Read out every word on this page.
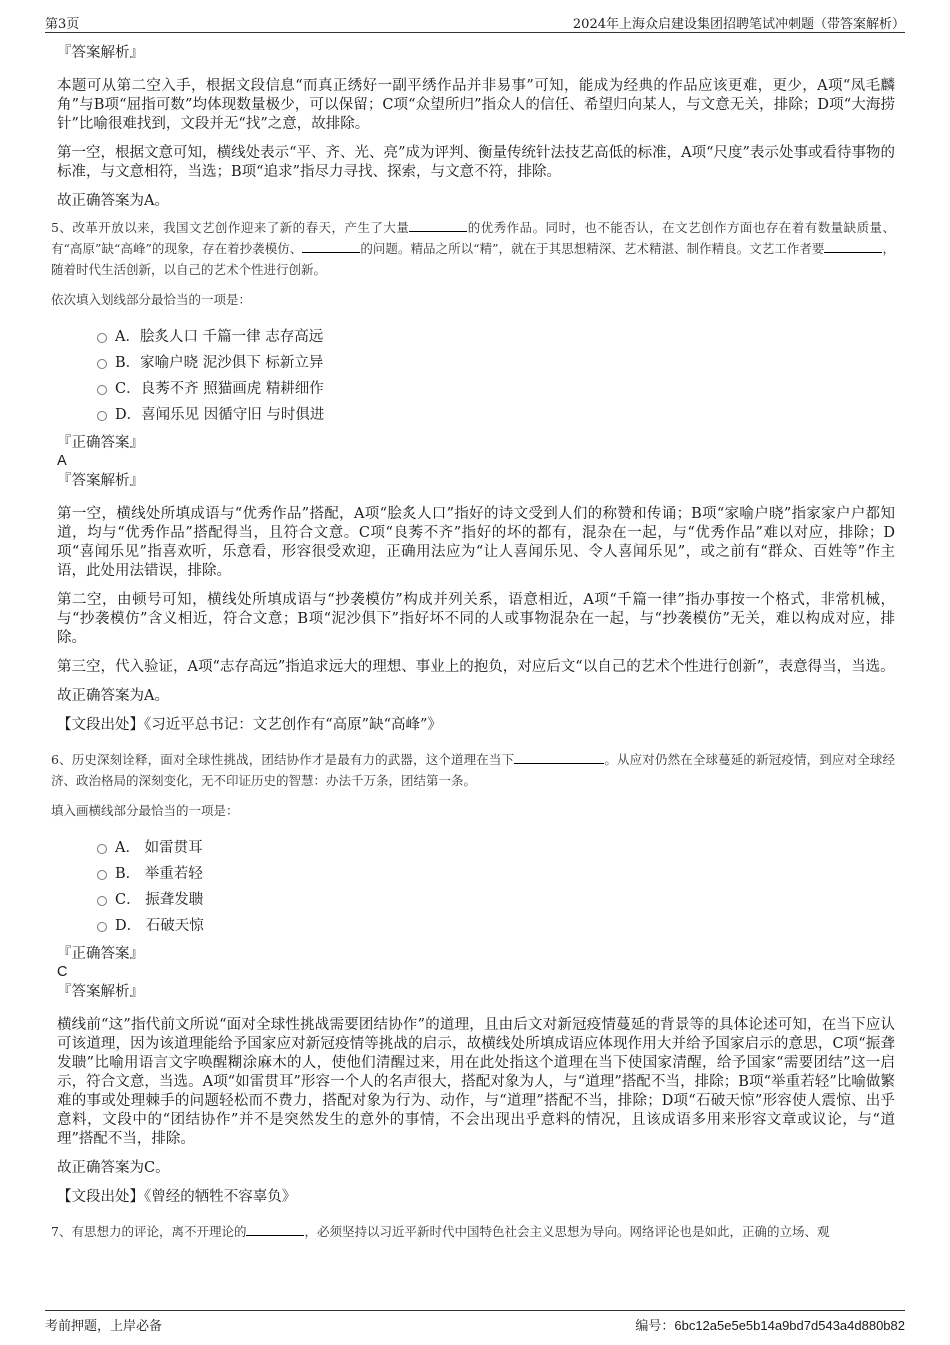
第3页	2024年上海众启建设集团招聘笔试冲刺题（带答案解析）
『答案解析』

本题可从第二空入手，根据文段信息“而真正绣好一副平绣作品并非易事”可知，能成为经典的作品应该更难，更少，A项“凤毛麟角”与B项“屈指可数”均体现数量极少，可以保留；C项“众望所归”指众人的信任、希望归向某人，与文意无关，排除；D项“大海捞针”比喻很难找到，文段并无“找”之意，故排除。

第一空，根据文意可知，横线处表示“平、齐、光、亮”成为评判、衡量传统针法技艺高低的标准，A项“尺度”表示处事或看待事物的标准，与文意相符，当选；B项“追求”指尽力寻找、探索，与文意不符，排除。

故正确答案为A。

5、改革开放以来，我国文艺创作迎来了新的春天，产生了大量	的优秀作品。同时，也不能否认，在文艺创作方面也存在着有数量缺质量、有“高原”缺“高峰”的现象，存在着抄袭模仿、	的问题。精品之所以“精”，就在于其思想精深、艺术精湛、制作精良。文艺工作者要	，随着时代生活创新，以自己的艺术个性进行创新。

依次填入划线部分最恰当的一项是：

A．脍炙人口 千篇一律 志存高远
B．家喻户晓 泥沙俱下 标新立异
C．良莠不齐 照猫画虎 精耕细作
D．喜闻乐见 因循守旧 与时俱进
『正确答案』
A
『答案解析』

第一空，横线处所填成语与“优秀作品”搭配，A项“脍炙人口”指好的诗文受到人们的称赞和传诵；B项“家喻户晓”指家家户户都知道，均与“优秀作品”搭配得当，且符合文意。C项“良莠不齐”指好的坏的都有，混杂在一起，与“优秀作品”难以对应，排除；D项“喜闻乐见”指喜欢听，乐意看，形容很受欢迎，正确用法应为“让人喜闻乐见、令人喜闻乐见”，或之前有“群众、百姓等”作主语，此处用法错误，排除。

第二空，由顿号可知，横线处所填成语与“抄袭模仿”构成并列关系，语意相近，A项“千篇一律”指办事按一个格式，非常机械，与“抄袭模仿”含义相近，符合文意；B项“泥沙俱下”指好坏不同的人或事物混杂在一起，与“抄袭模仿”无关，难以构成对应，排除。

第三空，代入验证，A项“志存高远”指追求远大的理想、事业上的抱负，对应后文“以自己的艺术个性进行创新”，表意得当，当选。

故正确答案为A。

【文段出处】《习近平总书记：文艺创作有“高原”缺“高峰”》

6、历史深刻诠释，面对全球性挑战，团结协作才是最有力的武器，这个道理在当下	。从应对仍然在全球蔓延的新冠疫情，到应对全球经济、政治格局的深刻变化，无不印证历史的智慧：办法千万条，团结第一条。

填入画横线部分最恰当的一项是：

A． 如雷贯耳
B． 举重若轻
C． 振聋发聩
D． 石破天惊
『正确答案』
C
『答案解析』

横线前“这”指代前文所说“面对全球性挑战需要团结协作”的道理，且由后文对新冠疫情蔓延的背景等的具体论述可知，在当下应认可该道理，因为该道理能给予国家应对新冠疫情等挑战的启示，故横线处所填成语应体现作用大并给予国家启示的意思，C项“振聋发聩”比喻用语言文字唤醒糊涂麻木的人，使他们清醒过来，用在此处指这个道理在当下使国家清醒，给予国家“需要团结”这一启示，符合文意，当选。A项“如雷贯耳”形容一个人的名声很大，搭配对象为人，与“道理”搭配不当，排除；B项“举重若轻”比喻做繁难的事或处理棘手的问题轻松而不费力，搭配对象为行为、动作，与“道理”搭配不当，排除；D项“石破天惊”形容使人震惊、出乎意料，文段中的“团结协作”并不是突然发生的意外的事情，不会出现出乎意料的情况，且该成语多用来形容文章或议论，与“道理”搭配不当，排除。

故正确答案为C。

【文段出处】《曾经的牺牲不容辜负》

7、有思想力的评论，离不开理论的	，必须坚持以习近平新时代中国特色社会主义思想为导向。网络评论也是如此，正确的立场、观

考前押题，上岸必备	编号：6bc12a5e5e5b14a9bd7d543a4d880b82
